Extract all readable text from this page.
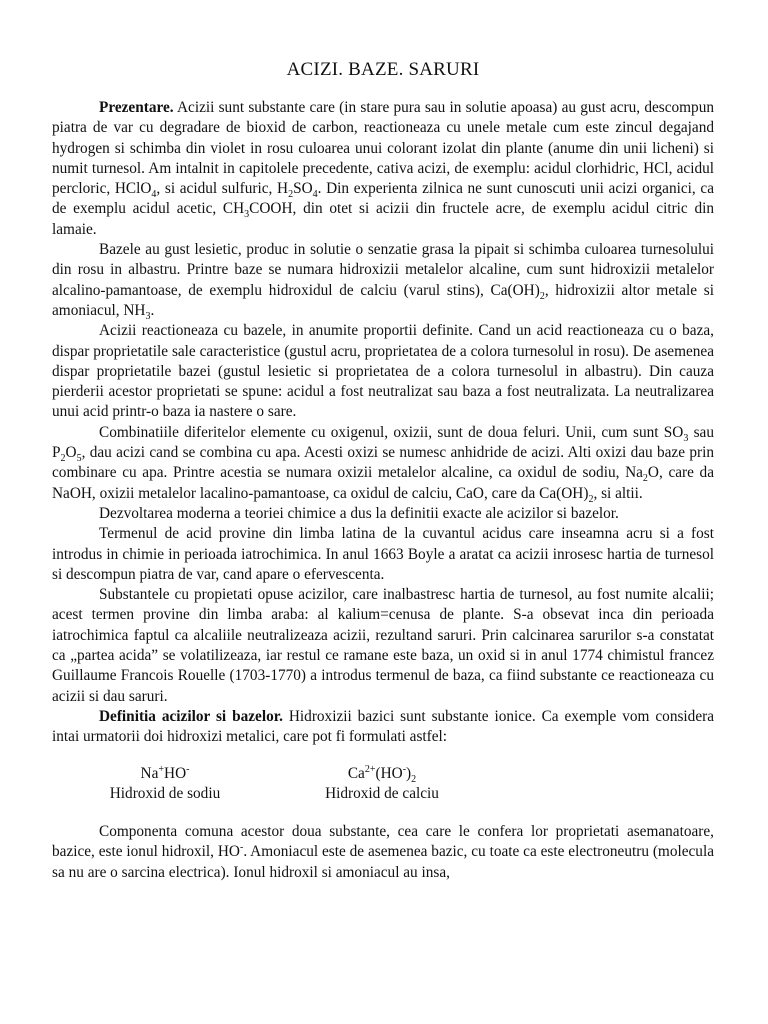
ACIZI. BAZE. SARURI

Prezentare. Acizii sunt substante care (in stare pura sau in solutie apoasa) au gust acru, descompun piatra de var cu degradare de bioxid de carbon, reactioneaza cu unele metale cum este zincul degajand hydrogen si schimba din violet in rosu culoarea unui colorant izolat din plante (anume din unii licheni) si numit turnesol. Am intalnit in capitolele precedente, cativa acizi, de exemplu: acidul clorhidric, HCl, acidul percloric, HClO$_4$, si acidul sulfuric, $H_2SO_4$. Din experienta zilnica ne sunt cunoscuti unii acizi organici, ca de exemplu acidul acetic, $CH_3COOH$, din otet si acizii din fructele acre, de exemplu acidul citric din lamaie.

Bazele au gust lesietic, produc in solutie o senzatie grasa la pipait si schimba culoarea turnesolului din rosu in albastru. Printre baze se numara hidroxizii metalelor alcaline, cum sunt hidroxizii metalelor alcalino-pamantoase, de exemplu hidroxidul de calciu (varul stins), $Ca(OH)_2$, hidroxizii altor metale si amoniacul, $NH_3$.

Acizii reactioneaza cu bazele, in anumite proportii definite. Cand un acid reactioneaza cu o baza, dispar proprietatile sale caracteristice (gustul acru, proprietatea de a colora turnesolul in rosu). De asemenea dispar proprietatile bazei (gustul lesietic si proprietatea de a colora turnesolul in albastru). Din cauza pierderii acestor proprietati se spune: acidul a fost neutralizat sau baza a fost neutralizata. La neutralizarea unui acid printr-o baza ia nastere o sare.

Combinatiile diferitelor elemente cu oxigenul, oxizii, sunt de doua feluri. Unii, cum sunt $SO_3$ sau $P_2O_5$, dau acizi cand se combina cu apa. Acesti oxizi se numesc anhidride de acizi. Alti oxizi dau baze prin combinare cu apa. Printre acestia se numara oxizii metalelor alcaline, ca oxidul de sodiu, $Na_2O$, care da NaOH, oxizii metalelor lacalino-pamantoase, ca oxidul de calciu, CaO, care da $Ca(OH)_2$, si altii.

Dezvoltarea moderna a teoriei chimice a dus la definitii exacte ale acizilor si bazelor.

Termenul de acid provine din limba latina de la cuvantul acidus care inseamna acru si a fost introdus in chimie in perioada iatrochimica. In anul 1663 Boyle a aratat ca acizii inrosesc hartia de turnesol si descompun piatra de var, cand apare o efervescenta.

Substantele cu propietati opuse acizilor, care inalbastresc hartia de turnesol, au fost numite alcalii; acest termen provine din limba araba: al kalium=cenusa de plante. S-a obsevat inca din perioada iatrochimica faptul ca alcaliile neutralizeaza acizii, rezultand saruri. Prin calcinarea sarurilor s-a constatat ca „partea acida” se volatilizeaza, iar restul ce ramane este baza, un oxid si in anul 1774 chimistul francez Guillaume Francois Rouelle (1703-1770) a introdus termenul de baza, ca fiind substante ce reactioneaza cu acizii si dau saruri.

Definitia acizilor si bazelor. Hidroxizii bazici sunt substante ionice. Ca exemple vom considera intai urmatorii doi hidroxizi metalici, care pot fi formulati astfel:

Na+HO-
Hidroxid de sodiu
$Ca^{2+}(HO^-)_2$
Hidroxid de calciu

Componenta comuna acestor doua substante, cea care le confera lor proprietati asemanatoare, bazice, este ionul hidroxil, HO-. Amoniacul este de asemenea bazic, cu toate ca este electroneutru (molecula sa nu are o sarcina electrica). Ionul hidroxil si amoniacul au insa,
